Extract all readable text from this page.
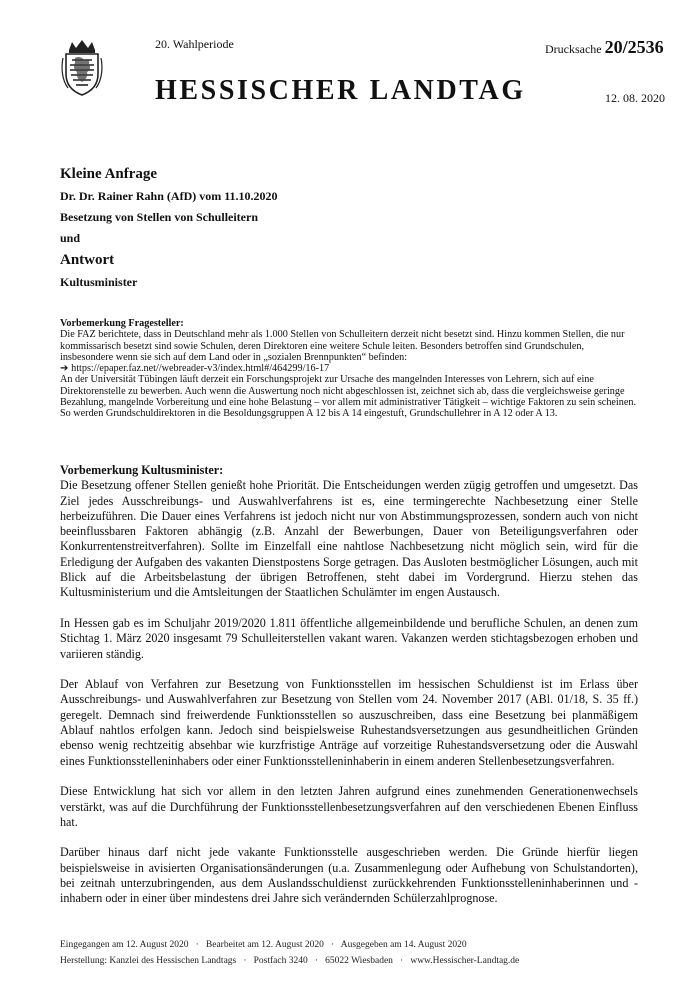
20. Wahlperiode	Drucksache 20/2536
HESSISCHER LANDTAG	12. 08. 2020
Kleine Anfrage
Dr. Dr. Rainer Rahn (AfD) vom 11.10.2020
Besetzung von Stellen von Schulleitern
und
Antwort
Kultusminister

Vorbemerkung Fragesteller:

Die FAZ berichtete, dass in Deutschland mehr als 1.000 Stellen von Schulleitern derzeit nicht besetzt sind. Hinzu kommen Stellen, die nur kommissarisch besetzt sind sowie Schulen, deren Direktoren eine weitere Schule leiten. Besonders betroffen sind Grundschulen, insbesondere wenn sie sich auf dem Land oder in „sozialen Brennpunkten“ befinden:

➔ https://epaper.faz.net//webreader-v3/index.html#/464299/16-17

An der Universität Tübingen läuft derzeit ein Forschungsprojekt zur Ursache des mangelnden Interesses von Lehrern, sich auf eine Direktorenstelle zu bewerben. Auch wenn die Auswertung noch nicht abgeschlossen ist, zeichnet sich ab, dass die vergleichsweise geringe Bezahlung, mangelnde Vorbereitung und eine hohe Belastung – vor allem mit administrativer Tätigkeit – wichtige Faktoren zu sein scheinen. So werden Grundschuldirektoren in die Besoldungsgruppen A 12 bis A 14 eingestuft, Grundschullehrer in A 12 oder A 13.

Vorbemerkung Kultusminister:

Die Besetzung offener Stellen genießt hohe Priorität. Die Entscheidungen werden zügig getroffen und umgesetzt. Das Ziel jedes Ausschreibungs- und Auswahlverfahrens ist es, eine termingerechte Nachbesetzung einer Stelle herbeizuführen. Die Dauer eines Verfahrens ist jedoch nicht nur von Abstimmungsprozessen, sondern auch von nicht beeinflussbaren Faktoren abhängig (z.B. Anzahl der Bewerbungen, Dauer von Beteiligungsverfahren oder Konkurrentenstreitverfahren). Sollte im Einzelfall eine nahtlose Nachbesetzung nicht möglich sein, wird für die Erledigung der Aufgaben des vakanten Dienstpostens Sorge getragen. Das Ausloten bestmöglicher Lösungen, auch mit Blick auf die Arbeitsbelastung der übrigen Betroffenen, steht dabei im Vordergrund. Hierzu stehen das Kultusministerium und die Amtsleitungen der Staatlichen Schulämter im engen Austausch.

In Hessen gab es im Schuljahr 2019/2020 1.811 öffentliche allgemeinbildende und berufliche Schulen, an denen zum Stichtag 1. März 2020 insgesamt 79 Schulleiterstellen vakant waren. Vakanzen werden stichtagsbezogen erhoben und variieren ständig.

Der Ablauf von Verfahren zur Besetzung von Funktionsstellen im hessischen Schuldienst ist im Erlass über Ausschreibungs- und Auswahlverfahren zur Besetzung von Stellen vom 24. November 2017 (ABl. 01/18, S. 35 ff.) geregelt. Demnach sind freiwerdende Funktionsstellen so auszuschreiben, dass eine Besetzung bei planmäßigem Ablauf nahtlos erfolgen kann. Jedoch sind beispielsweise Ruhestandsversetzungen aus gesundheitlichen Gründen ebenso wenig rechtzeitig absehbar wie kurzfristige Anträge auf vorzeitige Ruhestandsversetzung oder die Auswahl eines Funktionsstelleninhabers oder einer Funktionsstelleninhaberin in einem anderen Stellenbesetzungsverfahren.

Diese Entwicklung hat sich vor allem in den letzten Jahren aufgrund eines zunehmenden Generationenwechsels verstärkt, was auf die Durchführung der Funktionsstellenbesetzungsverfahren auf den verschiedenen Ebenen Einfluss hat.

Darüber hinaus darf nicht jede vakante Funktionsstelle ausgeschrieben werden. Die Gründe hierfür liegen beispielsweise in avisierten Organisationsänderungen (u.a. Zusammenlegung oder Aufhebung von Schulstandorten), bei zeitnah unterzubringenden, aus dem Auslandsschuldienst zurückkehrenden Funktionsstelleninhaberinnen und -inhabern oder in einer über mindestens drei Jahre sich verändernden Schülerzahlprognose.

Eingegangen am 12. August 2020   ·   Bearbeitet am 12. August 2020   ·   Ausgegeben am 14. August 2020
Herstellung: Kanzlei des Hessischen Landtags   ·   Postfach 3240   ·   65022 Wiesbaden   ·   www.Hessischer-Landtag.de
